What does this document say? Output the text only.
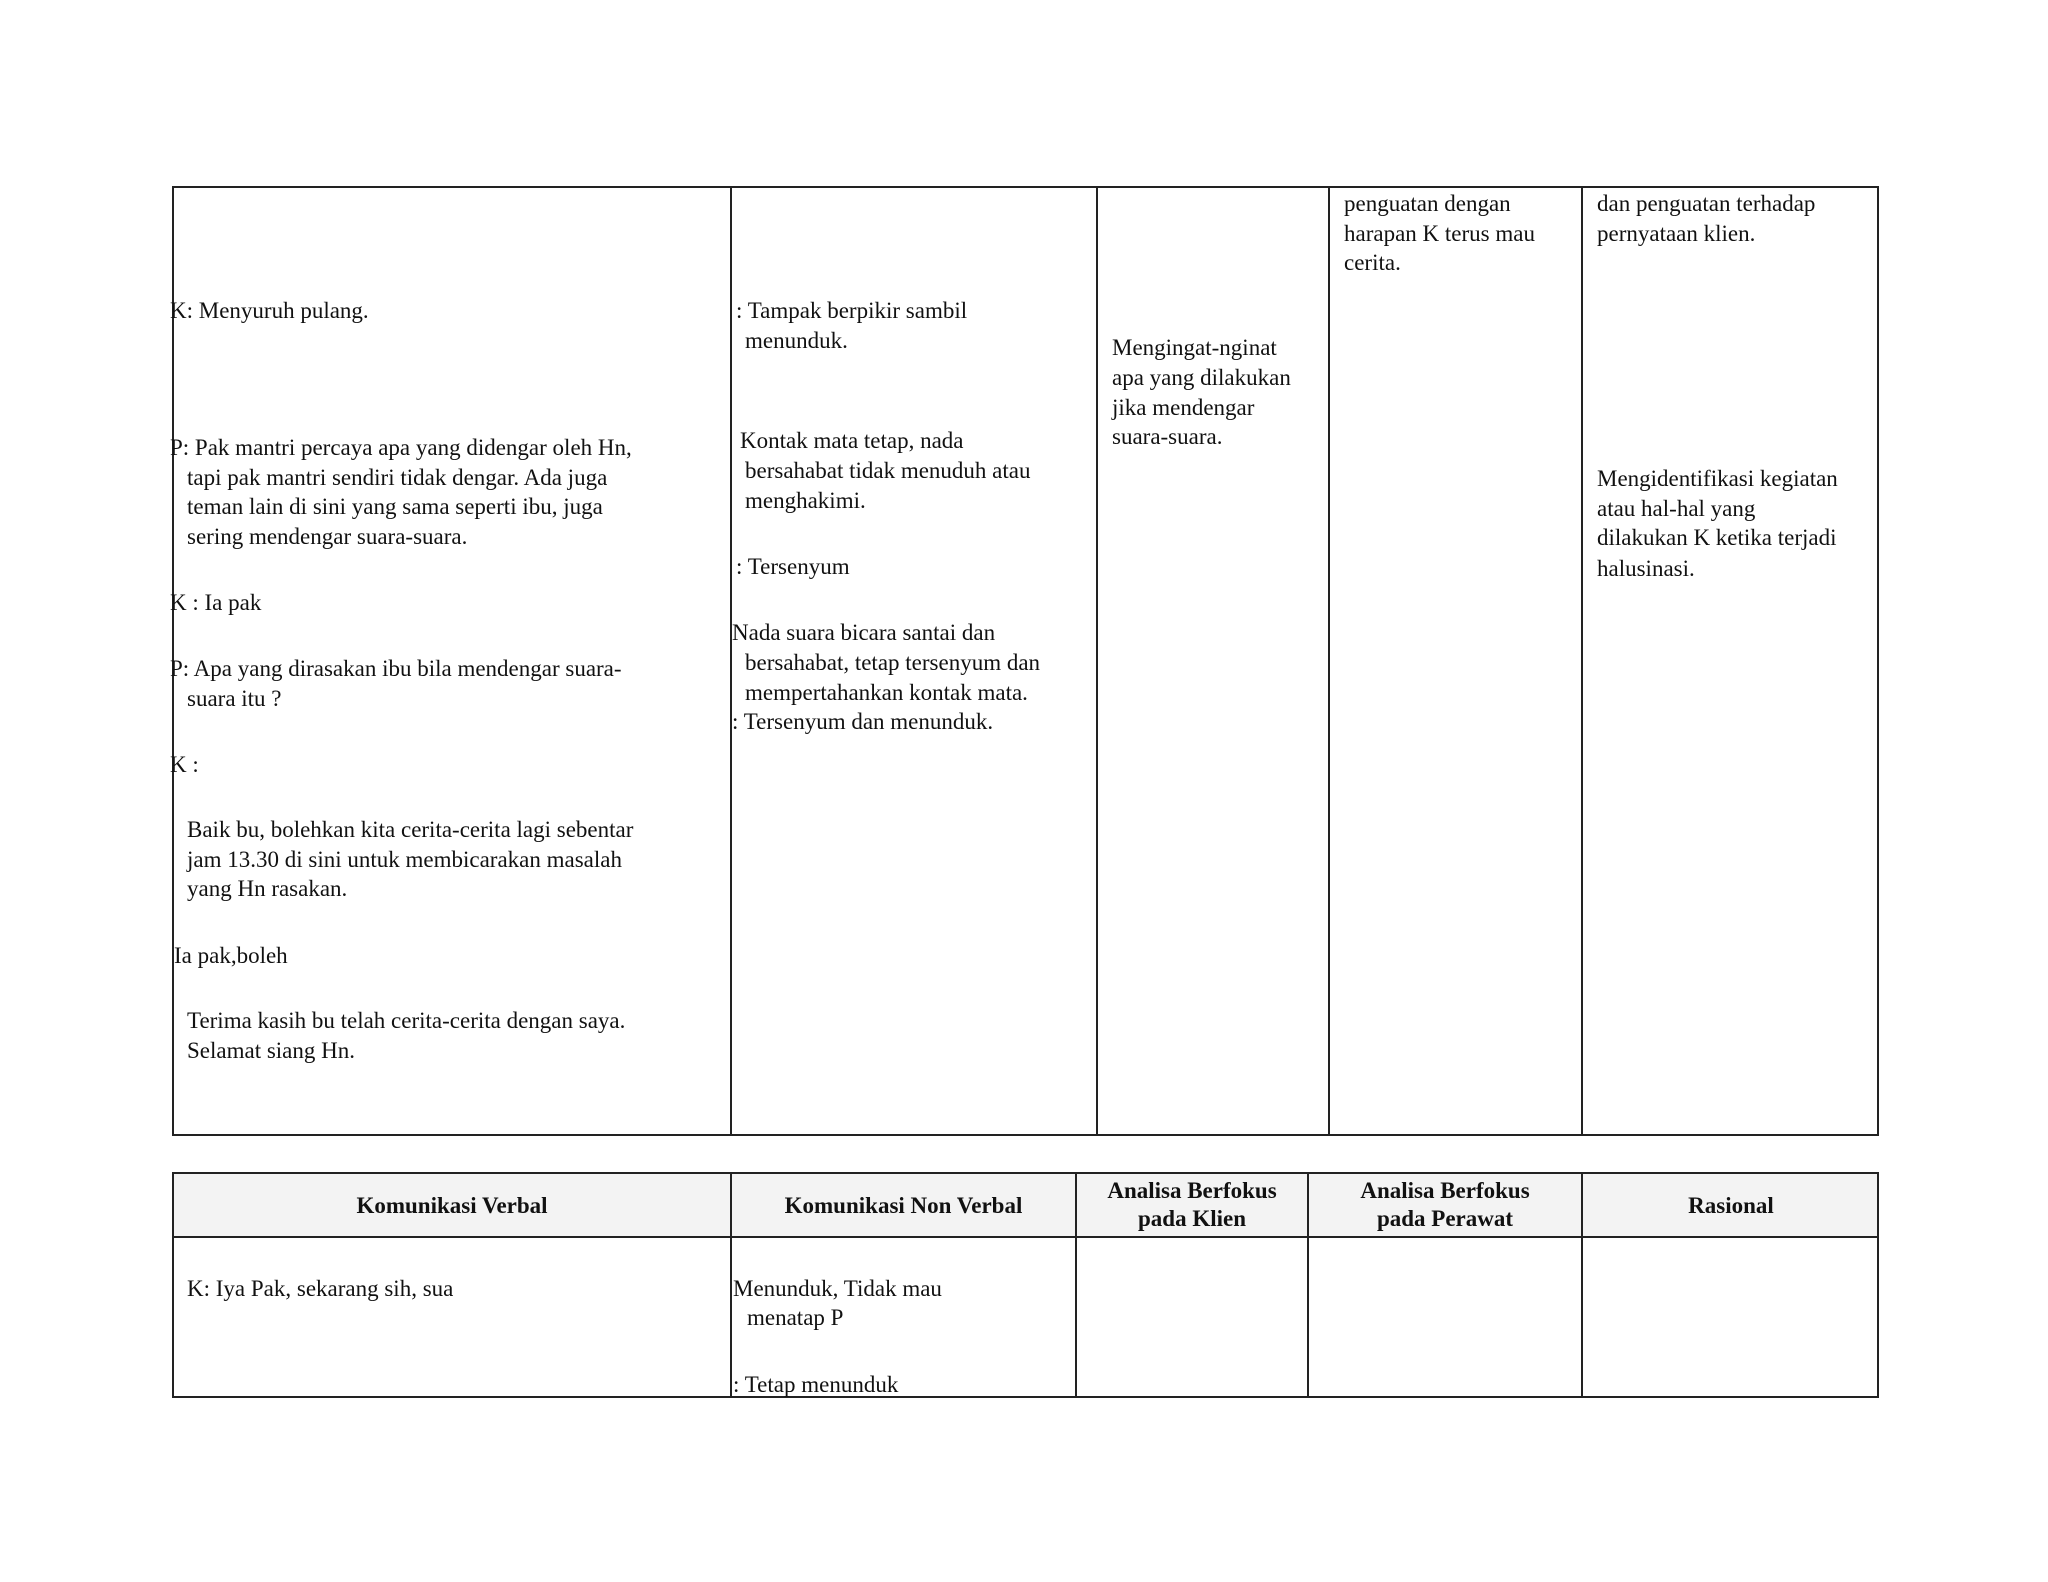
K: Menyuruh pulang.
P: Pak mantri percaya apa yang didengar oleh Hn,
tapi pak mantri sendiri tidak dengar. Ada juga
teman lain di sini yang sama seperti ibu, juga
sering mendengar suara-suara.
K : Ia pak
P: Apa yang dirasakan ibu bila mendengar suara-
suara itu ?
K :
Baik bu, bolehkan kita cerita-cerita lagi sebentar
jam 13.30 di sini untuk membicarakan masalah
yang Hn rasakan.
Ia pak,boleh
Terima kasih bu telah cerita-cerita dengan saya.
Selamat siang Hn.
: Tampak berpikir sambil
menunduk.
Kontak mata tetap, nada
bersahabat tidak menuduh atau
menghakimi.
: Tersenyum
Nada suara bicara santai dan
bersahabat, tetap tersenyum dan
mempertahankan kontak mata.
: Tersenyum dan menunduk.
Mengingat-nginat
apa yang dilakukan
jika mendengar
suara-suara.
penguatan dengan
harapan K terus mau
cerita.
dan penguatan terhadap
pernyataan klien.
Mengidentifikasi kegiatan
atau hal-hal yang
dilakukan K ketika terjadi
halusinasi.
Komunikasi Verbal	Komunikasi Non Verbal
Analisa Berfokus
pada Klien
Analisa Berfokus
pada Perawat
Rasional
K: Iya Pak, sekarang sih, sua	Menunduk, Tidak mau
menatap P
: Tetap menunduk
